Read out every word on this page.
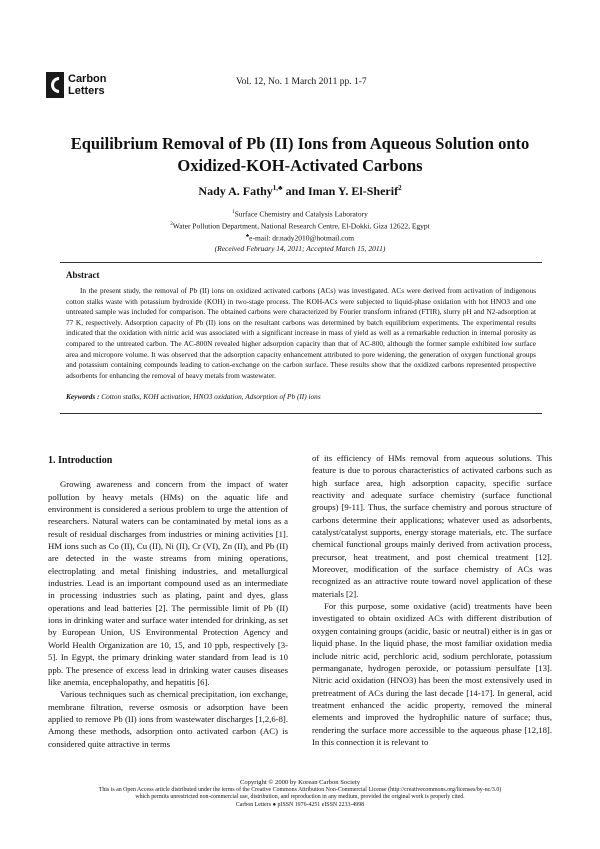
Carbon
Letters
Vol. 12, No. 1 March 2011 pp. 1-7
Equilibrium Removal of Pb (II) Ions from Aqueous Solution onto
Oxidized-KOH-Activated Carbons
Nady A. Fathy$^{1,♣}$ and Iman Y. El-Sherif$^2$
$^1$Surface Chemistry and Catalysis Laboratory
$^2$Water Pollution Department, National Research Centre, El-Dokki, Giza 12622, Egypt
♣e-mail: dr.nady2010@hotmail.com
(Received February 14, 2011; Accepted March 15, 2011)
Abstract
In the present study, the removal of Pb (II) ions on oxidized activated carbons (ACs) was investigated. ACs were derived from activation of indigenous cotton stalks waste with potassium hydroxide (KOH) in two-stage process. The KOH-ACs were subjected to liquid-phase oxidation with hot HNO3 and one untreated sample was included for comparison. The obtained carbons were characterized by Fourier transform infrared (FTIR), slurry pH and N2-adsorption at 77 K, respectively. Adsorption capacity of Pb (II) ions on the resultant carbons was determined by batch equilibrium experiments. The experimental results indicated that the oxidation with nitric acid was associated with a significant increase in mass of yield as well as a remarkable reduction in internal porosity as compared to the untreated carbon. The AC-800N revealed higher adsorption capacity than that of AC-800, although the former sample exhibited low surface area and micropore volume. It was observed that the adsorption capacity enhancement attributed to pore widening, the generation of oxygen functional groups and potassium containing compounds leading to cation-exchange on the carbon surface. These results show that the oxidized carbons represented prospective adsorbents for enhancing the removal of heavy metals from wastewater.
Keywords : Cotton stalks, KOH activation, HNO3 oxidation, Adsorption of Pb (II) ions
1. Introduction

Growing awareness and concern from the impact of water pollution by heavy metals (HMs) on the aquatic life and environment is considered a serious problem to urge the attention of researchers. Natural waters can be contaminated by metal ions as a result of residual discharges from industries or mining activities [1]. HM ions such as Co (II), Cu (II), Ni (II), Cr (VI), Zn (II), and Pb (II) are detected in the waste streams from mining operations, electroplating and metal finishing industries, and metallurgical industries. Lead is an important compound used as an intermediate in processing industries such as plating, paint and dyes, glass operations and lead batteries [2]. The permissible limit of Pb (II) ions in drinking water and surface water intended for drinking, as set by European Union, US Environmental Protection Agency and World Health Organization are 10, 15, and 10 ppb, respectively [3-5]. In Egypt, the primary drinking water standard from lead is 10 ppb. The presence of excess lead in drinking water causes diseases like anemia, encephalopathy, and hepatitis [6].

Various techniques such as chemical precipitation, ion exchange, membrane filtration, reverse osmosis or adsorption have been applied to remove Pb (II) ions from wastewater discharges [1,2,6-8]. Among these methods, adsorption onto activated carbon (AC) is considered quite attractive in terms

of its efficiency of HMs removal from aqueous solutions. This feature is due to porous characteristics of activated carbons such as high surface area, high adsorption capacity, specific surface reactivity and adequate surface chemistry (surface functional groups) [9-11]. Thus, the surface chemistry and porous structure of carbons determine their applications; whatever used as adsorbents, catalyst/catalyst supports, energy storage materials, etc. The surface chemical functional groups mainly derived from activation process, precursor, heat treatment, and post chemical treatment [12]. Moreover, modification of the surface chemistry of ACs was recognized as an attractive route toward novel application of these materials [2].

For this purpose, some oxidative (acid) treatments have been investigated to obtain oxidized ACs with different distribution of oxygen containing groups (acidic, basic or neutral) either is in gas or liquid phase. In the liquid phase, the most familiar oxidation media include nitric acid, perchloric acid, sodium perchlorate, potassium permanganate, hydrogen peroxide, or potassium persulfate [13]. Nitric acid oxidation (HNO3) has been the most extensively used in pretreatment of ACs during the last decade [14-17]. In general, acid treatment enhanced the acidic property, removed the mineral elements and improved the hydrophilic nature of surface; thus, rendering the surface more accessible to the aqueous phase [12,18]. In this connection it is relevant to

Copyright © 2000 by Korean Carbon Society
This is an Open Access article distributed under the terms of the Creative Commons Attribution Non-Commercial License (http://creativecommons.org/licenses/by-nc/3.0)
which permits unrestricted non-commercial use, distribution, and reproduction in any medium, provided the original work is properly cited.
Carbon Letters ● pISSN 1976-4251 eISSN 2233-4998
